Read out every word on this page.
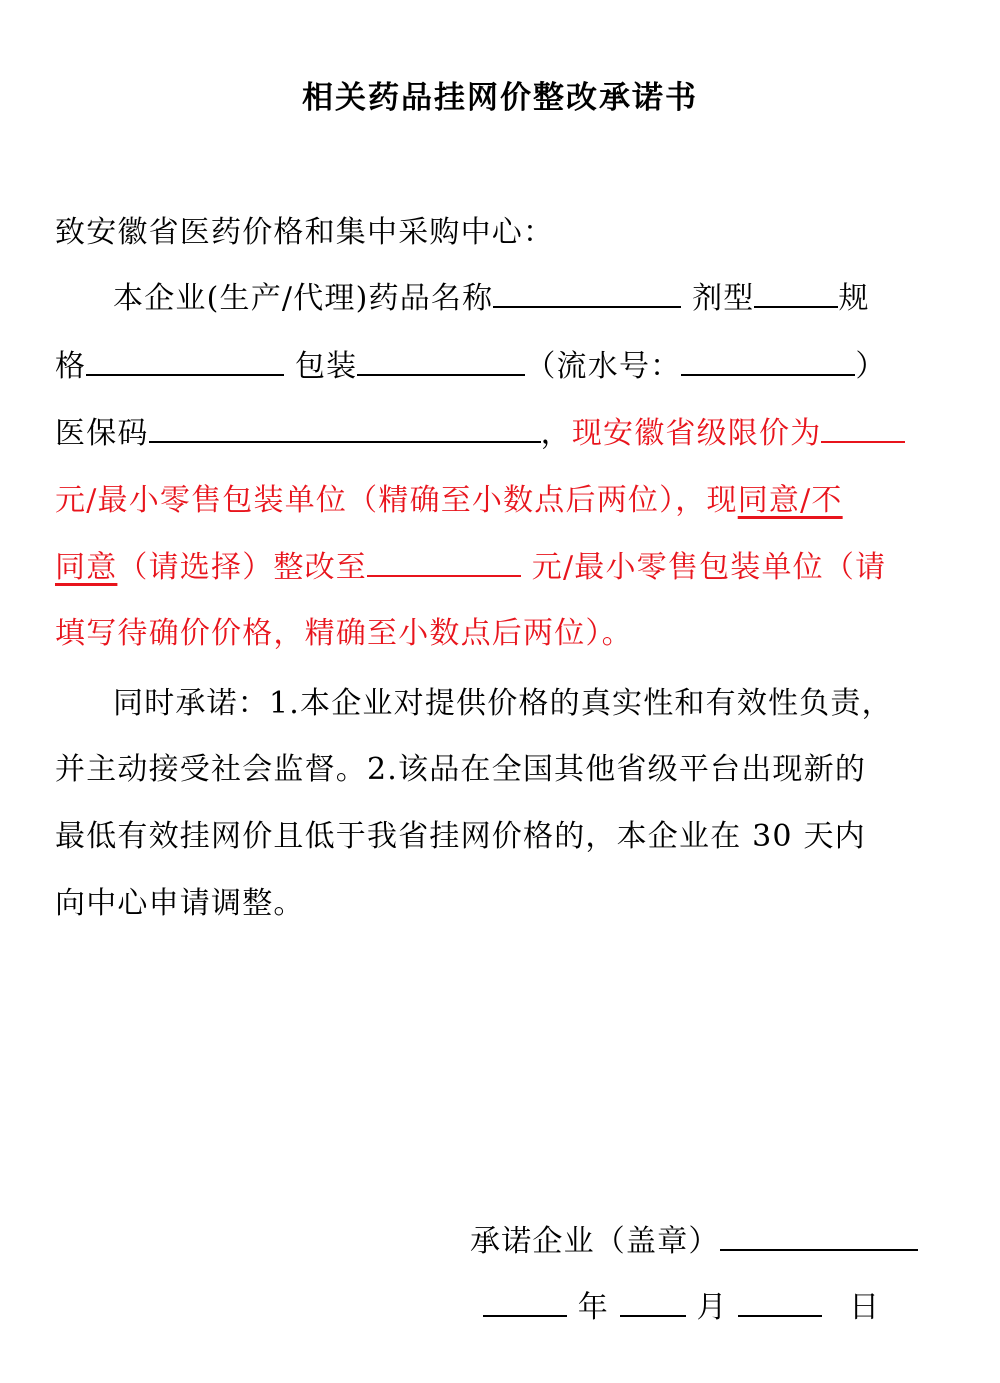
相关药品挂网价整改承诺书
致安徽省医药价格和集中采购中心：
本企业(生产/代理)药品名称	剂型	规
格	包装	（流水号：	）
医保码	，现安徽省级限价为
元/最小零售包装单位（精确至小数点后两位），现同意/不
同意（请选择）整改至	元/最小零售包装单位（请
填写待确价价格，精确至小数点后两位）。
同时承诺：1.本企业对提供价格的真实性和有效性负责，
并主动接受社会监督。2.该品在全国其他省级平台出现新的
最低有效挂网价且低于我省挂网价格的，本企业在 30 天内
向中心申请调整。
承诺企业（盖章）
年	月	日
